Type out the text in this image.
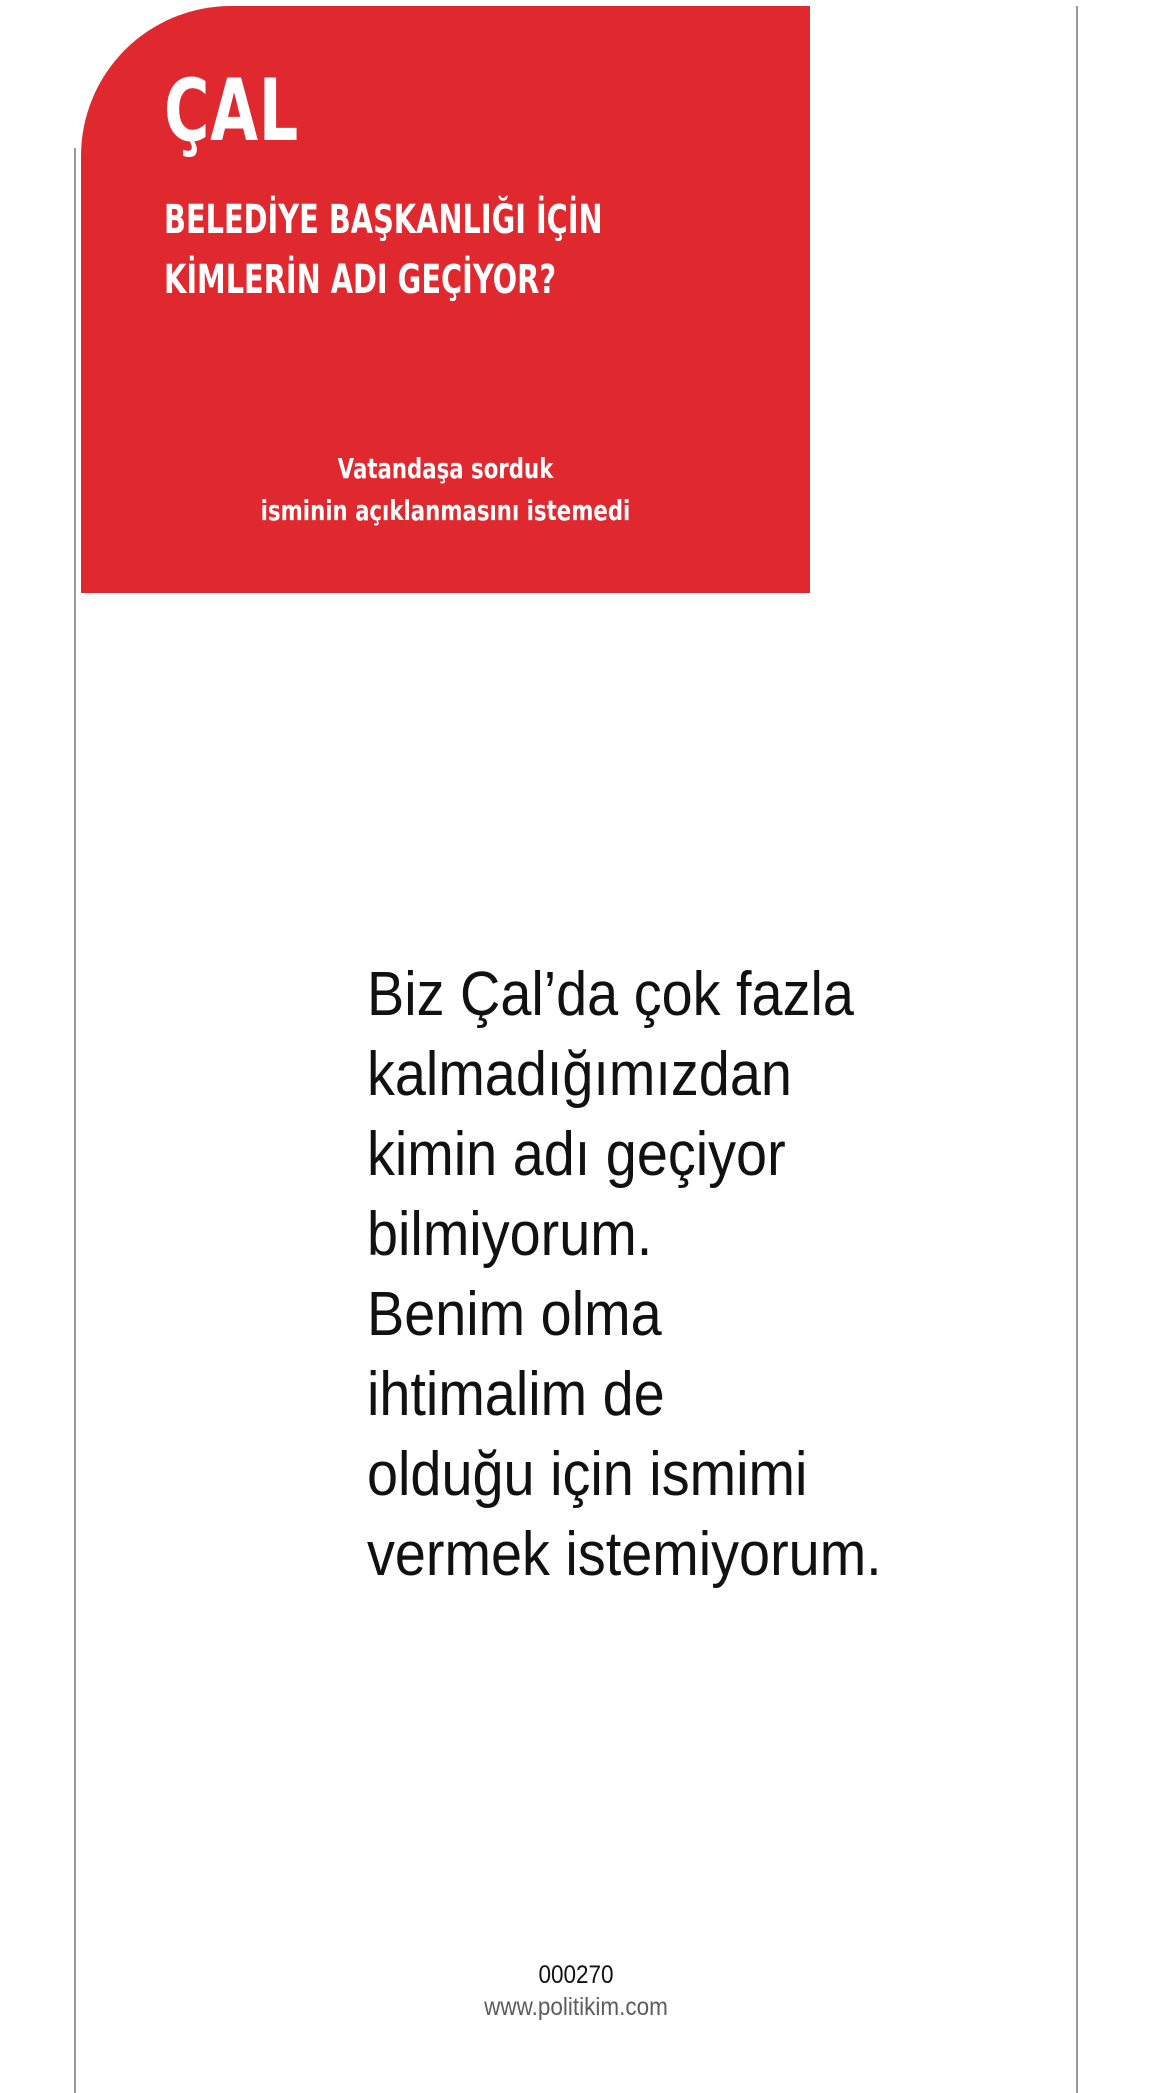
ÇAL
BELEDİYE BAŞKANLIĞI İÇİN
KİMLERİN ADI GEÇİYOR?
Vatandaşa sorduk
isminin açıklanmasını istemedi
Biz Çal’da çok fazla
kalmadığımızdan
kimin adı geçiyor
bilmiyorum.
Benim olma
ihtimalim de
olduğu için ismimi
vermek istemiyorum.
000270
www.politikim.com
